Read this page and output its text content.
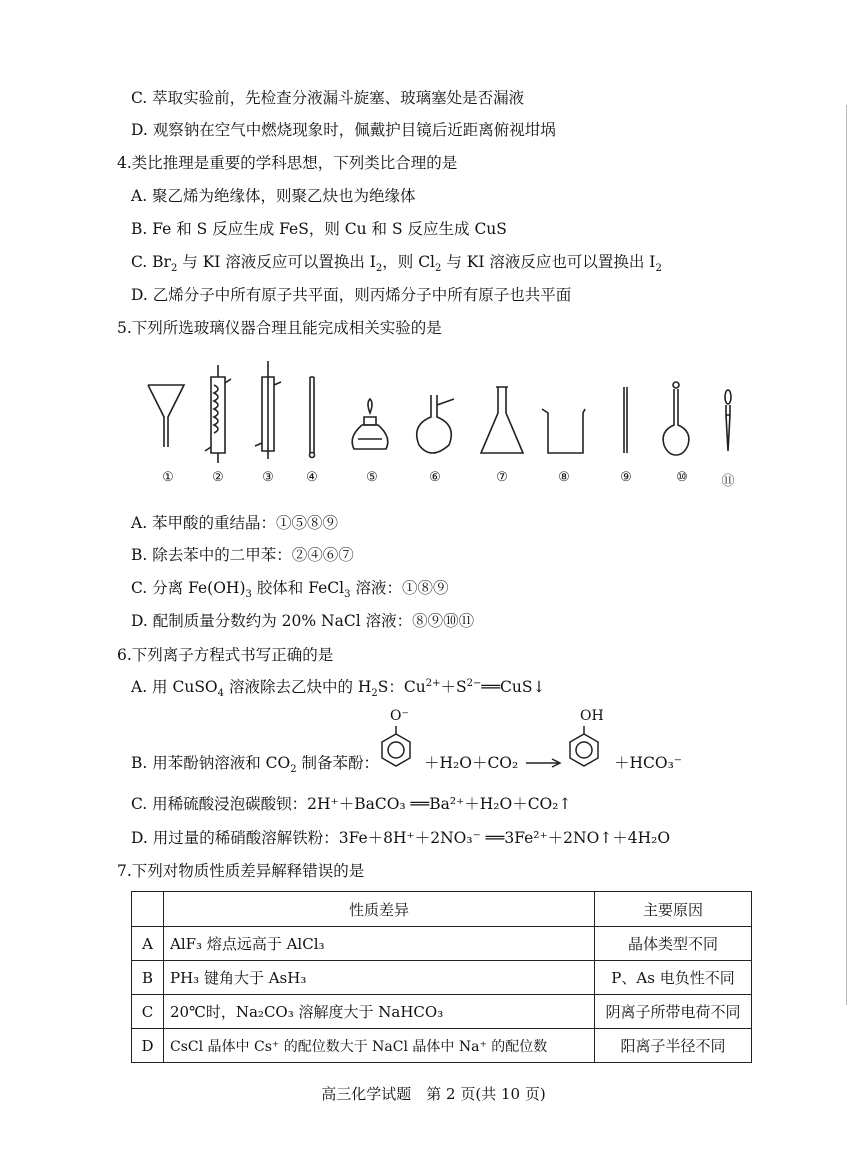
C. 萃取实验前，先检查分液漏斗旋塞、玻璃塞处是否漏液
D. 观察钠在空气中燃烧现象时，佩戴护目镜后近距离俯视坩埚
4.类比推理是重要的学科思想，下列类比合理的是
A. 聚乙烯为绝缘体，则聚乙炔也为绝缘体
B. Fe 和 S 反应生成 FeS，则 Cu 和 S 反应生成 CuS
C. $Br_2$ 与 KI 溶液反应可以置换出 $I_2$，则 $Cl_2$ 与 KI 溶液反应也可以置换出 $I_2$
D. 乙烯分子中所有原子共平面，则丙烯分子中所有原子也共平面
5.下列所选玻璃仪器合理且能完成相关实验的是
①	②	③	④	⑤	⑥	⑦	⑧	⑨	⑩	⑪
A. 苯甲酸的重结晶：①⑤⑧⑨
B. 除去苯中的二甲苯：②④⑥⑦
C. 分离 $Fe(OH)_3$ 胶体和 FeCl$_3$ 溶液：①⑧⑨
D. 配制质量分数约为 20% NaCl 溶液：⑧⑨⑩⑪
6.下列离子方程式书写正确的是
A. 用 CuSO$_4$ 溶液除去乙炔中的 $H_2S$：$Cu^{2+}+S^{2-}══CuS↓$
B. 用苯酚钠溶液和 $CO_2$ 制备苯酚：
O⁻
＋H₂O＋CO₂ →
OH
＋HCO₃⁻
C. 用稀硫酸浸泡碳酸钡：2H⁺＋BaCO₃ ══Ba²⁺＋H₂O＋CO₂↑
D. 用过量的稀硝酸溶解铁粉：3Fe＋8H⁺＋2NO₃⁻ ══3Fe²⁺＋2NO↑＋4H₂O
7.下列对物质性质差异解释错误的是
	性质差异	主要原因
A	AlF₃ 熔点远高于 AlCl₃	晶体类型不同
B	PH₃ 键角大于 AsH₃	P、As 电负性不同
C	20℃时，Na₂CO₃ 溶解度大于 NaHCO₃	阴离子所带电荷不同
D	CsCl 晶体中 Cs⁺ 的配位数大于 NaCl 晶体中 Na⁺ 的配位数	阳离子半径不同
高三化学试题　第 2 页(共 10 页)
